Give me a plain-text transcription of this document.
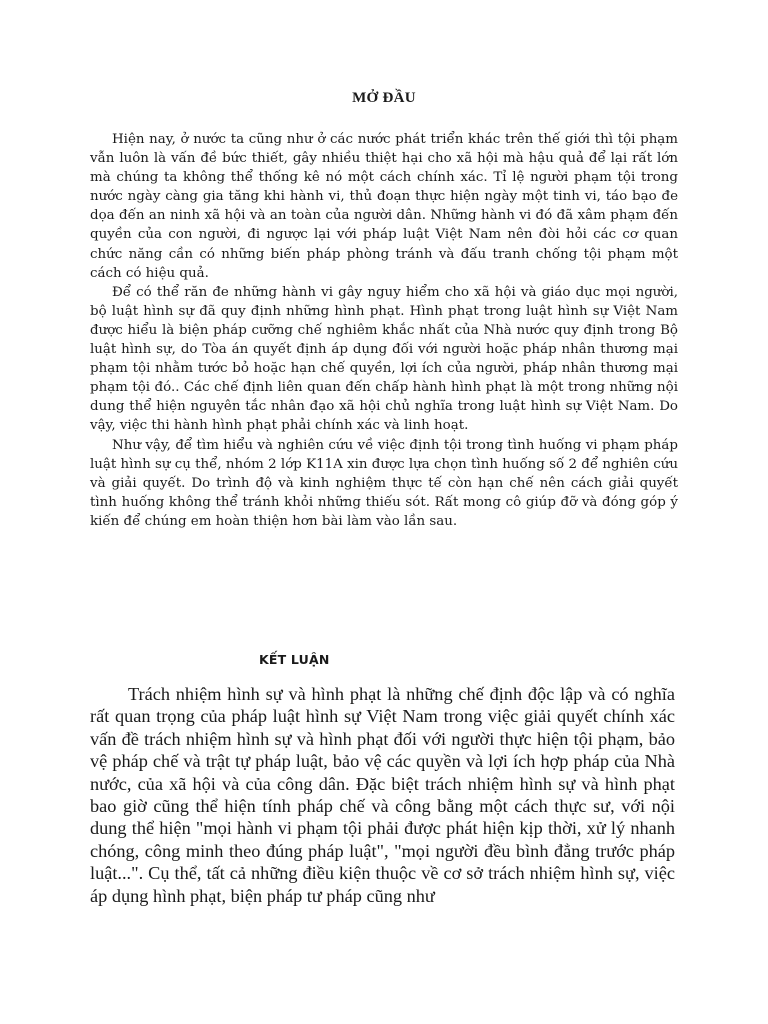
MỞ ĐẦU

Hiện nay, ở nước ta cũng như ở các nước phát triển khác trên thế giới thì tội phạm vẫn luôn là vấn đề bức thiết, gây nhiều thiệt hại cho xã hội mà hậu quả để lại rất lớn mà chúng ta không thể thống kê nó một cách chính xác. Tỉ lệ người phạm tội trong nước ngày càng gia tăng khi hành vi, thủ đoạn thực hiện ngày một tinh vi, táo bạo đe dọa đến an ninh xã hội và an toàn của người dân. Những hành vi đó đã xâm phạm đến quyền của con người, đi ngược lại với pháp luật Việt Nam nên đòi hỏi các cơ quan chức năng cần có những biến pháp phòng tránh và đấu tranh chống tội phạm một cách có hiệu quả.

Để có thể răn đe những hành vi gây nguy hiểm cho xã hội và giáo dục mọi người, bộ luật hình sự đã quy định những hình phạt. Hình phạt trong luật hình sự Việt Nam được hiểu là biện pháp cưỡng chế nghiêm khắc nhất của Nhà nước quy định trong Bộ luật hình sự, do Tòa án quyết định áp dụng đối với người hoặc pháp nhân thương mại phạm tội nhằm tước bỏ hoặc hạn chế quyền, lợi ích của người, pháp nhân thương mại phạm tội đó.. Các chế định liên quan đến chấp hành hình phạt là một trong những nội dung thể hiện nguyên tắc nhân đạo xã hội chủ nghĩa trong luật hình sự Việt Nam. Do vậy, việc thi hành hình phạt phải chính xác và linh hoạt.

Như vậy, để tìm hiểu và nghiên cứu về việc định tội trong tình huống vi phạm pháp luật hình sự cụ thể, nhóm 2 lớp K11A xin được lựa chọn tình huống số 2 để nghiên cứu và giải quyết. Do trình độ và kinh nghiệm thực tế còn hạn chế nên cách giải quyết tình huống không thể tránh khỏi những thiếu sót. Rất mong cô giúp đỡ và đóng góp ý kiến để chúng em hoàn thiện hơn bài làm vào lần sau.

KẾT LUẬN

Trách nhiệm hình sự và hình phạt là những chế định độc lập và có nghĩa rất quan trọng của pháp luật hình sự Việt Nam trong việc giải quyết chính xác vấn đề trách nhiệm hình sự và hình phạt đối với người thực hiện tội phạm, bảo vệ pháp chế và trật tự pháp luật, bảo vệ các quyền và lợi ích hợp pháp của Nhà nước, của xã hội và của công dân. Đặc biệt trách nhiệm hình sự và hình phạt bao giờ cũng thể hiện tính pháp chế và công bằng một cách thực sư, với nội dung thể hiện "mọi hành vi phạm tội phải được phát hiện kịp thời, xử lý nhanh chóng, công minh theo đúng pháp luật", "mọi người đều bình đẳng trước pháp luật...". Cụ thể, tất cả những điều kiện thuộc về cơ sở trách nhiệm hình sự, việc áp dụng hình phạt, biện pháp tư pháp cũng như
